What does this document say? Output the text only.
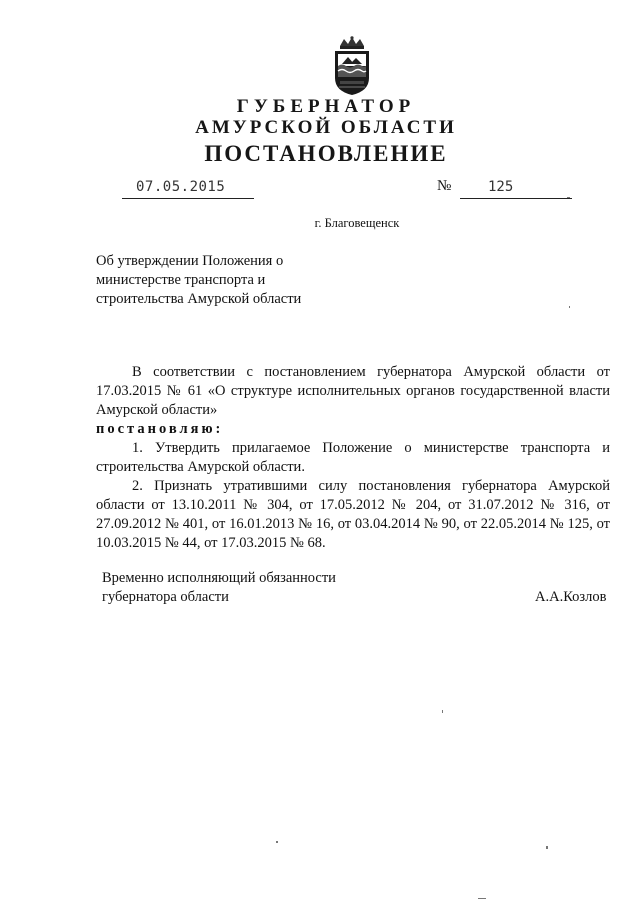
ГУБЕРНАТОР
АМУРСКОЙ ОБЛАСТИ
ПОСТАНОВЛЕНИЕ
07.05.2015	№	125
г. Благовещенск
Об утверждении Положения о министерстве транспорта и строительства Амурской области
В соответствии с постановлением губернатора Амурской области от 17.03.2015 № 61 «О структуре исполнительных органов государственной власти Амурской области»
постановляю:
1. Утвердить прилагаемое Положение о министерстве транспорта и строительства Амурской области.
2. Признать утратившими силу постановления губернатора Амурской области от 13.10.2011 № 304, от 17.05.2012 № 204, от 31.07.2012 № 316, от 27.09.2012 № 401, от 16.01.2013 № 16, от 03.04.2014 № 90, от 22.05.2014 № 125, от 10.03.2015 № 44, от 17.03.2015 № 68.
Временно исполняющий обязанности губернатора области	А.А.Козлов
